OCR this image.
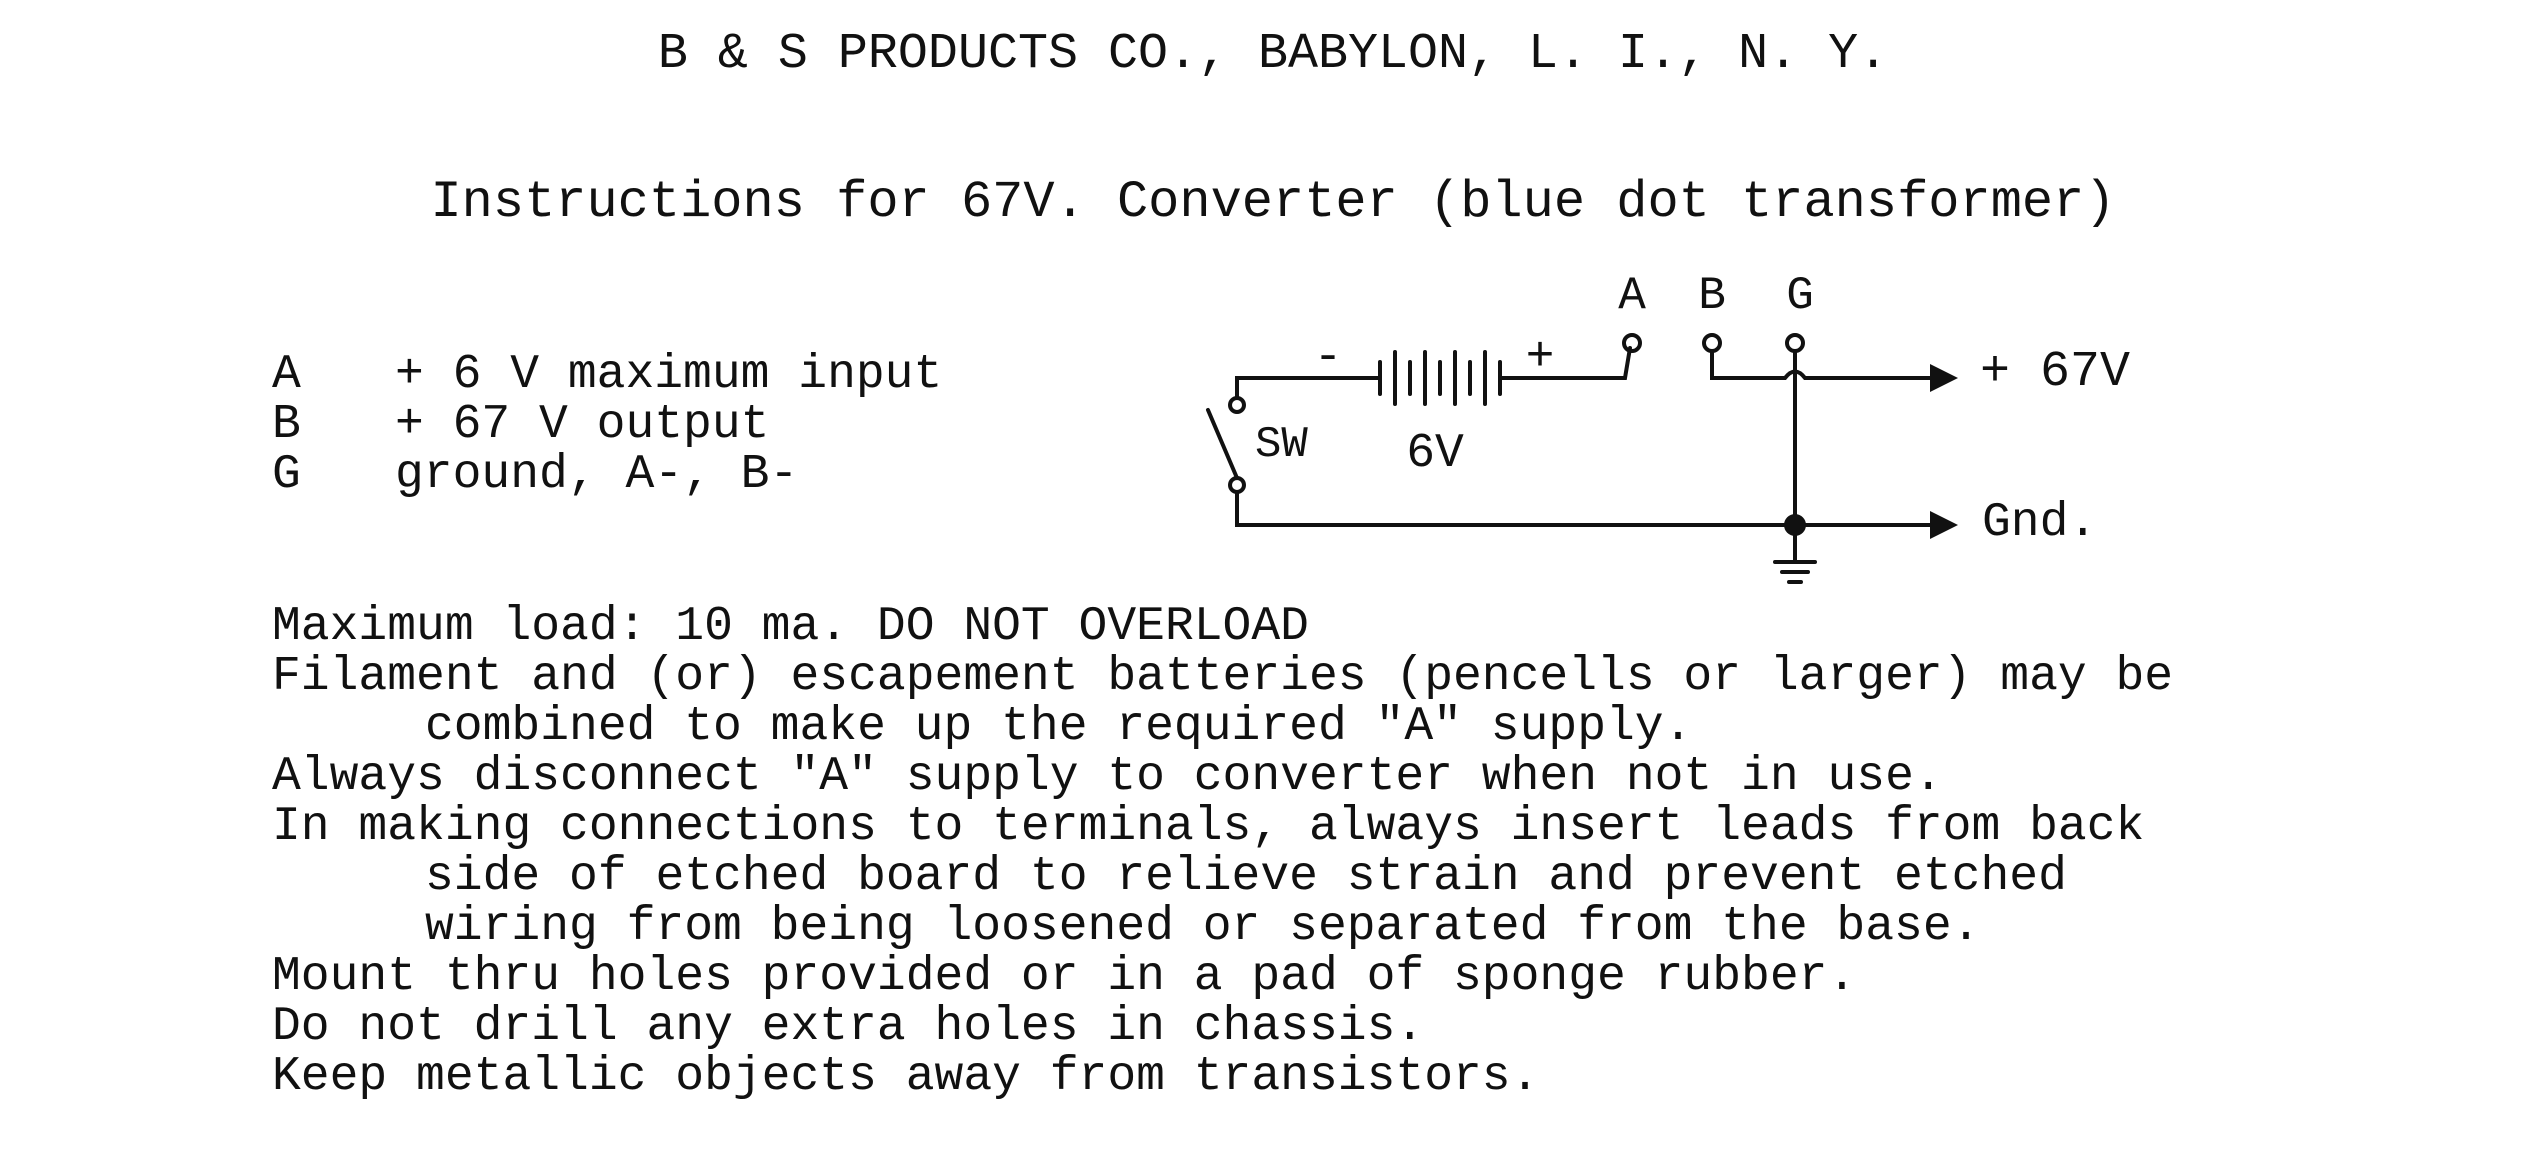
B & S PRODUCTS CO., BABYLON, L. I., N. Y.
Instructions for 67V. Converter (blue dot transformer)
A + 6 V maximum input
B + 67 V output
G ground, A-, B-
A B G
-	+
6V
SW
+ 67V
Gnd.
Maximum load: 10 ma. DO NOT OVERLOAD
Filament and (or) escapement batteries (pencells or larger) may be
combined to make up the required "A" supply.
Always disconnect "A" supply to converter when not in use.
In making connections to terminals, always insert leads from back
side of etched board to relieve strain and prevent etched
wiring from being loosened or separated from the base.
Mount thru holes provided or in a pad of sponge rubber.
Do not drill any extra holes in chassis.
Keep metallic objects away from transistors.
